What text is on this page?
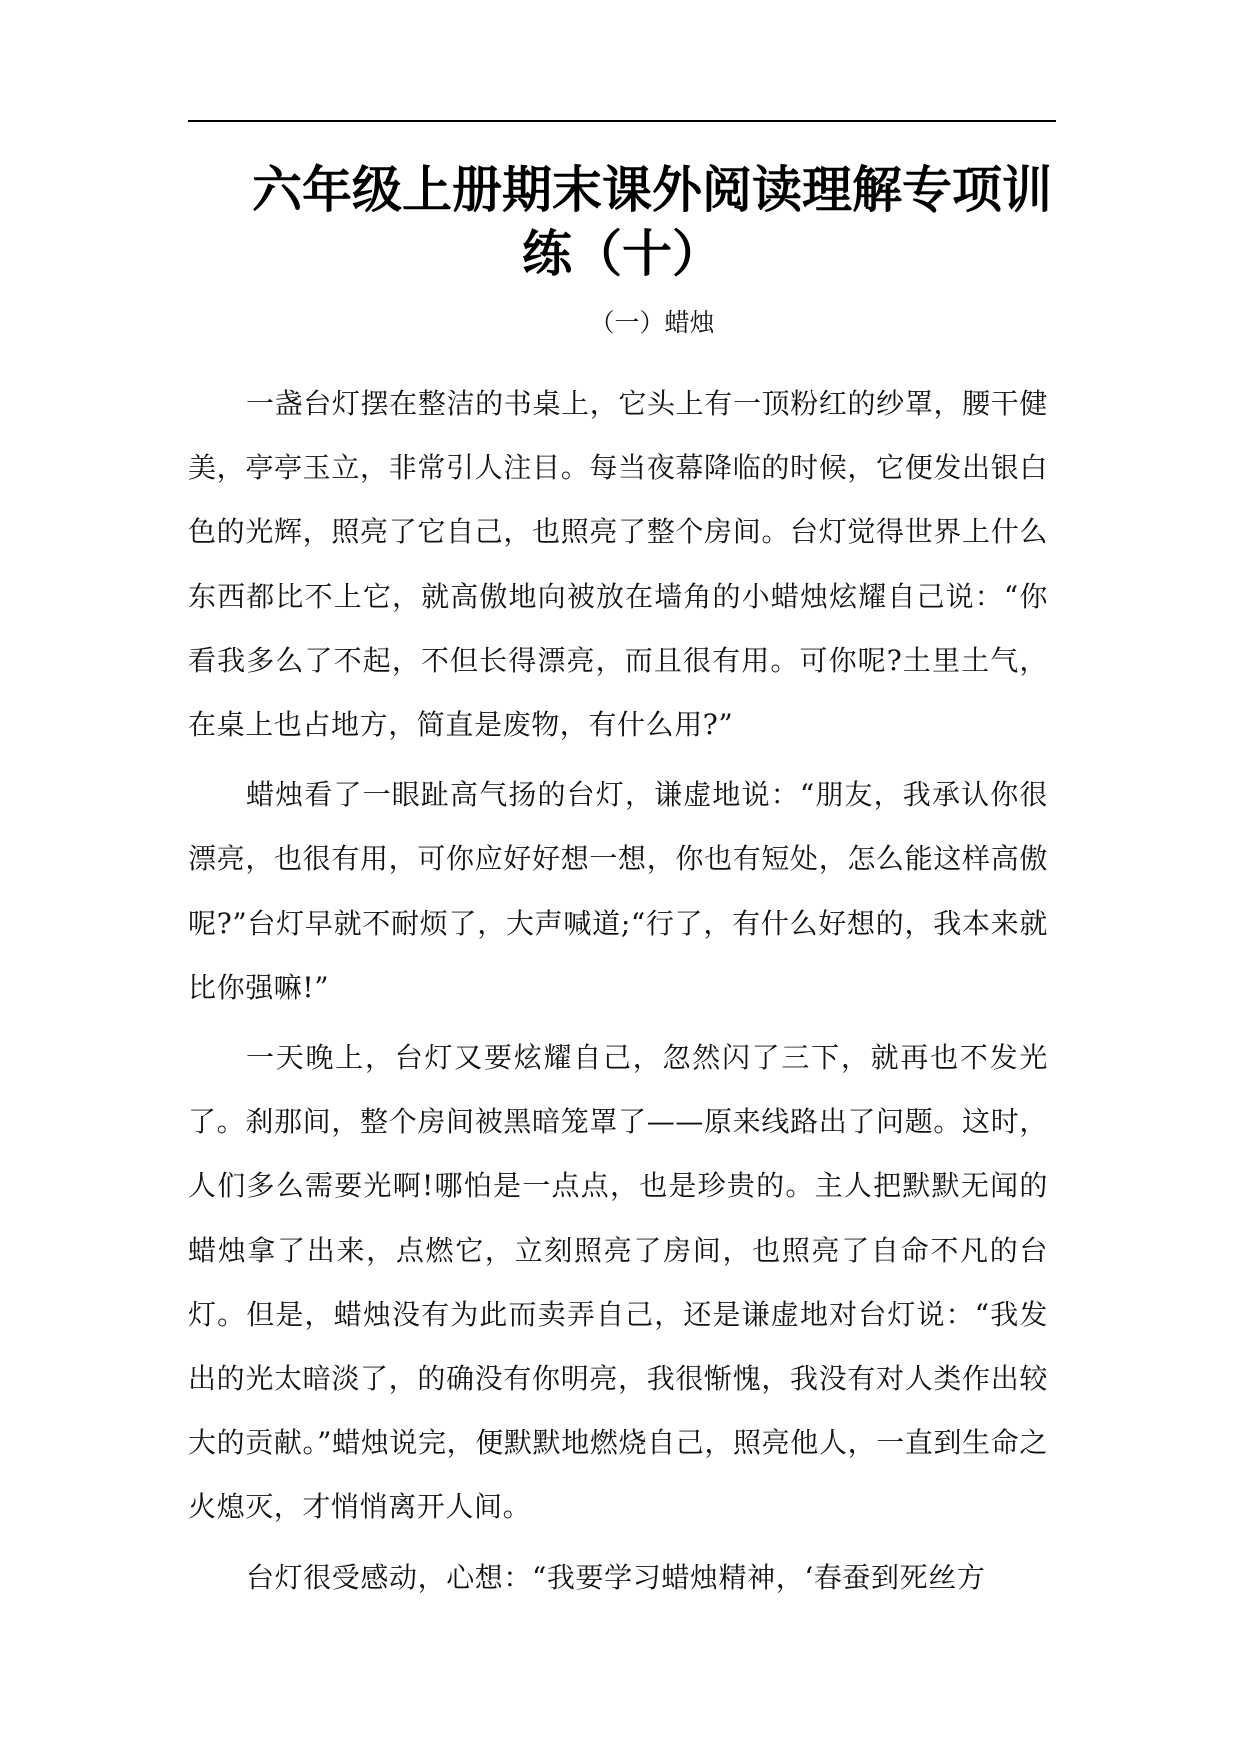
六年级上册期末课外阅读理解专项训
练（十）

（一）蜡烛

一盏台灯摆在整洁的书桌上，它头上有一顶粉红的纱罩，腰干健美，亭亭玉立，非常引人注目。每当夜幕降临的时候，它便发出银白色的光辉，照亮了它自己，也照亮了整个房间。台灯觉得世界上什么东西都比不上它，就高傲地向被放在墙角的小蜡烛炫耀自己说：“你看我多么了不起，不但长得漂亮，而且很有用。可你呢?土里土气，在桌上也占地方，简直是废物，有什么用?”

蜡烛看了一眼趾高气扬的台灯，谦虚地说：“朋友，我承认你很漂亮，也很有用，可你应好好想一想，你也有短处，怎么能这样高傲呢?”台灯早就不耐烦了，大声喊道;“行了，有什么好想的，我本来就比你强嘛!”

一天晚上，台灯又要炫耀自己，忽然闪了三下，就再也不发光了。刹那间，整个房间被黑暗笼罩了——原来线路出了问题。这时，人们多么需要光啊!哪怕是一点点，也是珍贵的。主人把默默无闻的蜡烛拿了出来，点燃它，立刻照亮了房间，也照亮了自命不凡的台灯。但是，蜡烛没有为此而卖弄自己，还是谦虚地对台灯说：“我发出的光太暗淡了，的确没有你明亮，我很惭愧，我没有对人类作出较大的贡献。”蜡烛说完，便默默地燃烧自己，照亮他人，一直到生命之火熄灭，才悄悄离开人间。

台灯很受感动，心想：“我要学习蜡烛精神，‘春蚕到死丝方
